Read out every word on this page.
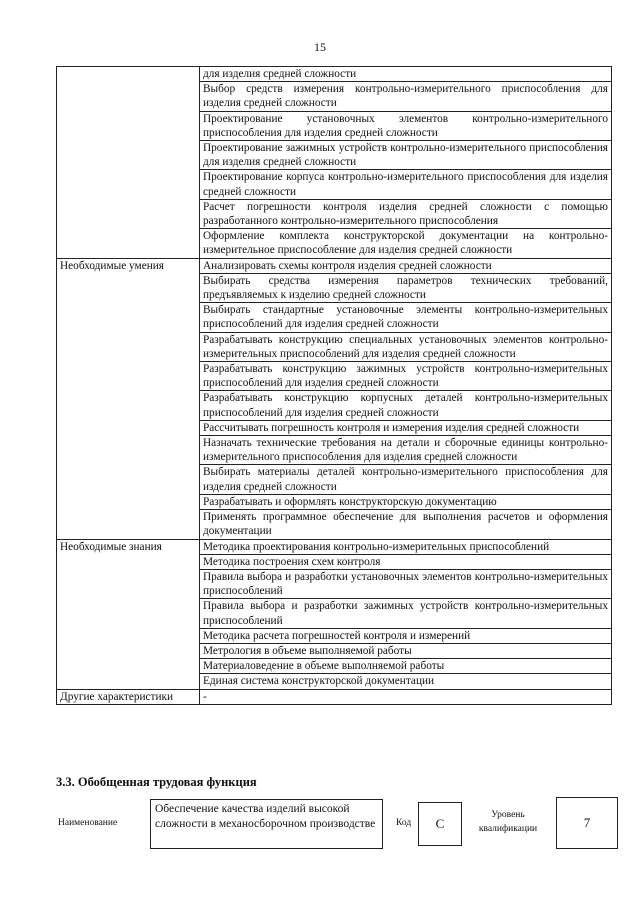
15
	для изделия средней сложности
	Выбор средств измерения контрольно-измерительного приспособления для изделия средней сложности
	Проектирование установочных элементов контрольно-измерительного приспособления для изделия средней сложности
	Проектирование зажимных устройств контрольно-измерительного приспособления для изделия средней сложности
	Проектирование корпуса контрольно-измерительного приспособления для изделия средней сложности
	Расчет погрешности контроля изделия средней сложности с помощью разработанного контрольно-измерительного приспособления
	Оформление комплекта конструкторской документации на контрольно-измерительное приспособление для изделия средней сложности
Необходимые умения	Анализировать схемы контроля изделия средней сложности
	Выбирать средства измерения параметров технических требований, предъявляемых к изделию средней сложности
	Выбирать стандартные установочные элементы контрольно-измерительных приспособлений для изделия средней сложности
	Разрабатывать конструкцию специальных установочных элементов контрольно-измерительных приспособлений для изделия средней сложности
	Разрабатывать конструкцию зажимных устройств контрольно-измерительных приспособлений для изделия средней сложности
	Разрабатывать конструкцию корпусных деталей контрольно-измерительных приспособлений для изделия средней сложности
	Рассчитывать погрешность контроля и измерения изделия средней сложности
	Назначать технические требования на детали и сборочные единицы контрольно-измерительного приспособления для изделия средней сложности
	Выбирать материалы деталей контрольно-измерительного приспособления для изделия средней сложности
	Разрабатывать и оформлять конструкторскую документацию
	Применять программное обеспечение для выполнения расчетов и оформления документации
Необходимые знания	Методика проектирования контрольно-измерительных приспособлений
	Методика построения схем контроля
	Правила выбора и разработки установочных элементов контрольно-измерительных приспособлений
	Правила выбора и разработки зажимных устройств контрольно-измерительных приспособлений
	Методика расчета погрешностей контроля и измерений
	Метрология в объеме выполняемой работы
	Материаловедение в объеме выполняемой работы
	Единая система конструкторской документации
Другие характеристики	-
3.3. Обобщенная трудовая функция
Наименование
Обеспечение качества изделий высокой сложности в механосборочном производстве	Код	C
Уровень квалификации	7
